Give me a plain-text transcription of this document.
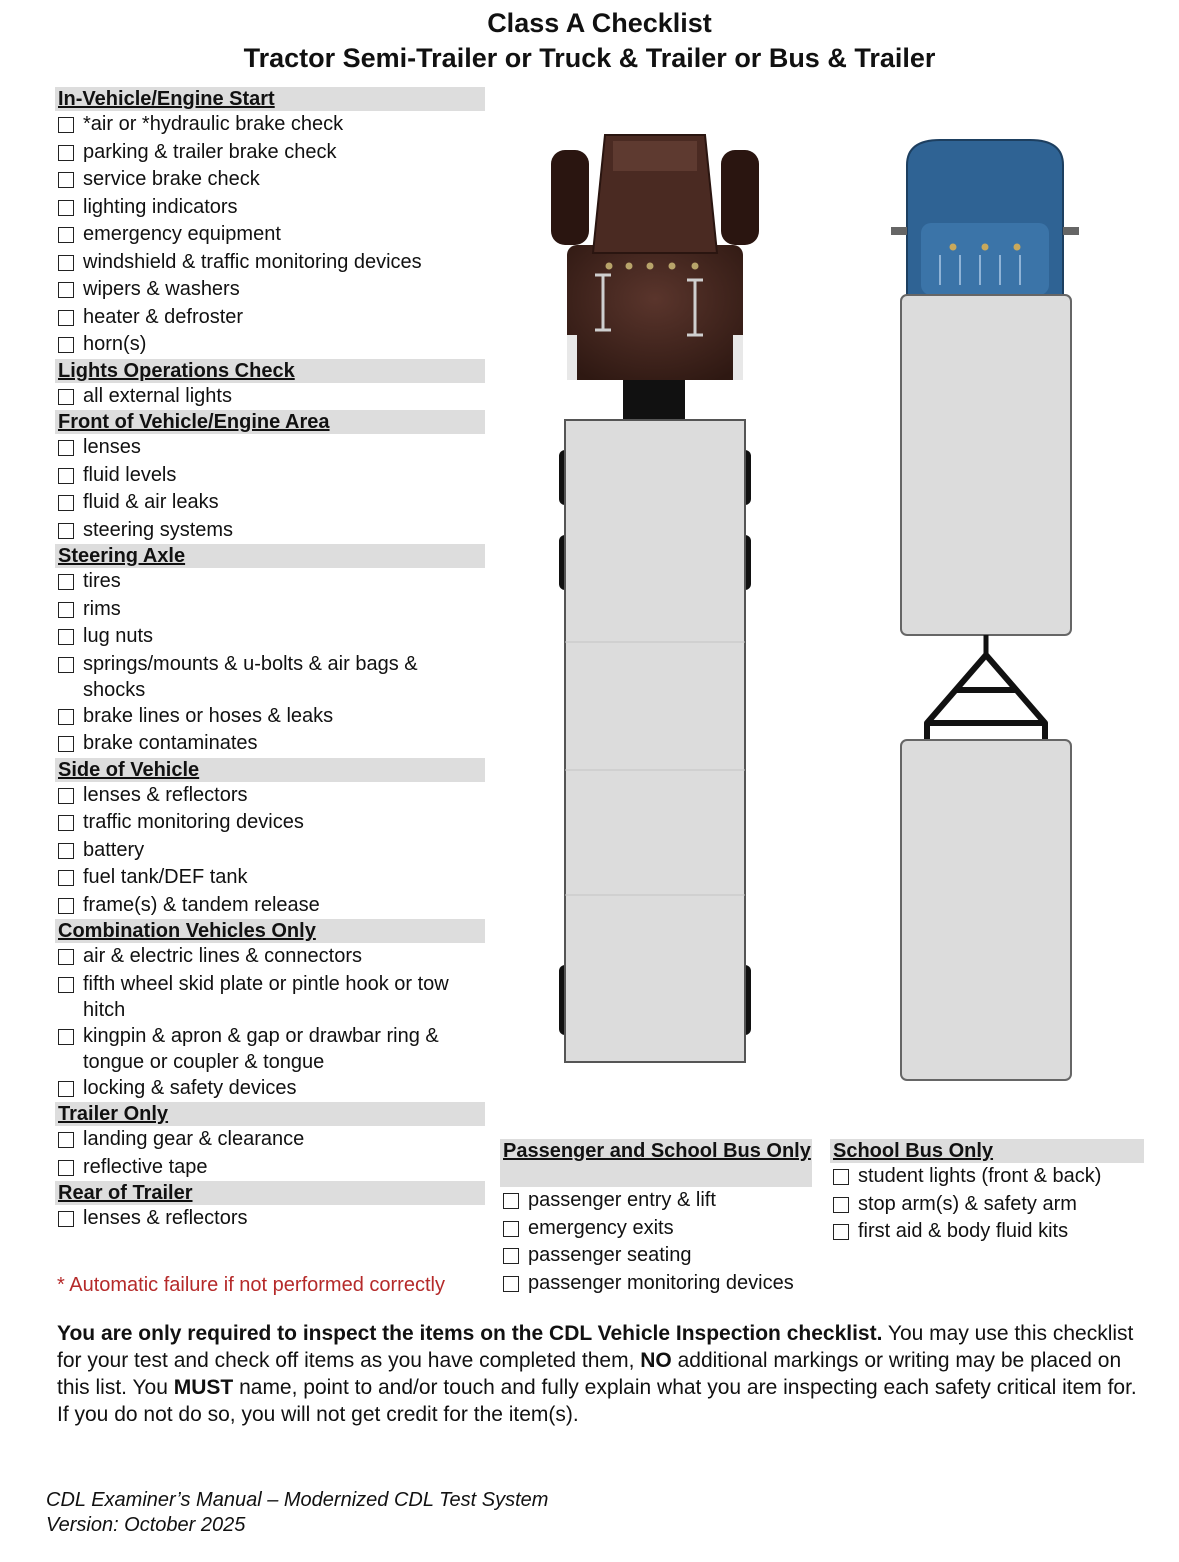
Class A Checklist
Tractor Semi-Trailer or Truck & Trailer or Bus & Trailer
In-Vehicle/Engine Start
*air or *hydraulic brake check
parking & trailer brake check
service brake check
lighting indicators
emergency equipment
windshield & traffic monitoring devices
wipers & washers
heater & defroster
horn(s)
Lights Operations Check
all external lights
Front of Vehicle/Engine Area
lenses
fluid levels
fluid & air leaks
steering systems
Steering Axle
tires
rims
lug nuts
springs/mounts & u-bolts & air bags & shocks
brake lines or hoses & leaks
brake contaminates
Side of Vehicle
lenses & reflectors
traffic monitoring devices
battery
fuel tank/DEF tank
frame(s) & tandem release
Combination Vehicles Only
air & electric lines & connectors
fifth wheel skid plate or pintle hook or tow hitch
kingpin & apron & gap or drawbar ring & tongue or coupler & tongue
locking & safety devices
Trailer Only
landing gear & clearance
reflective tape
Rear of Trailer
lenses & reflectors
* Automatic failure if not performed correctly
Passenger and School Bus Only
passenger entry & lift
emergency exits
passenger seating
passenger monitoring devices
School Bus Only
student lights (front & back)
stop arm(s) & safety arm
first aid & body fluid kits
You are only required to inspect the items on the CDL Vehicle Inspection checklist. You may use this checklist for your test and check off items as you have completed them, NO additional markings or writing may be placed on this list. You MUST name, point to and/or touch and fully explain what you are inspecting each safety critical item for. If you do not do so, you will not get credit for the item(s).
CDL Examiner’s Manual – Modernized CDL Test System
Version: October 2025
